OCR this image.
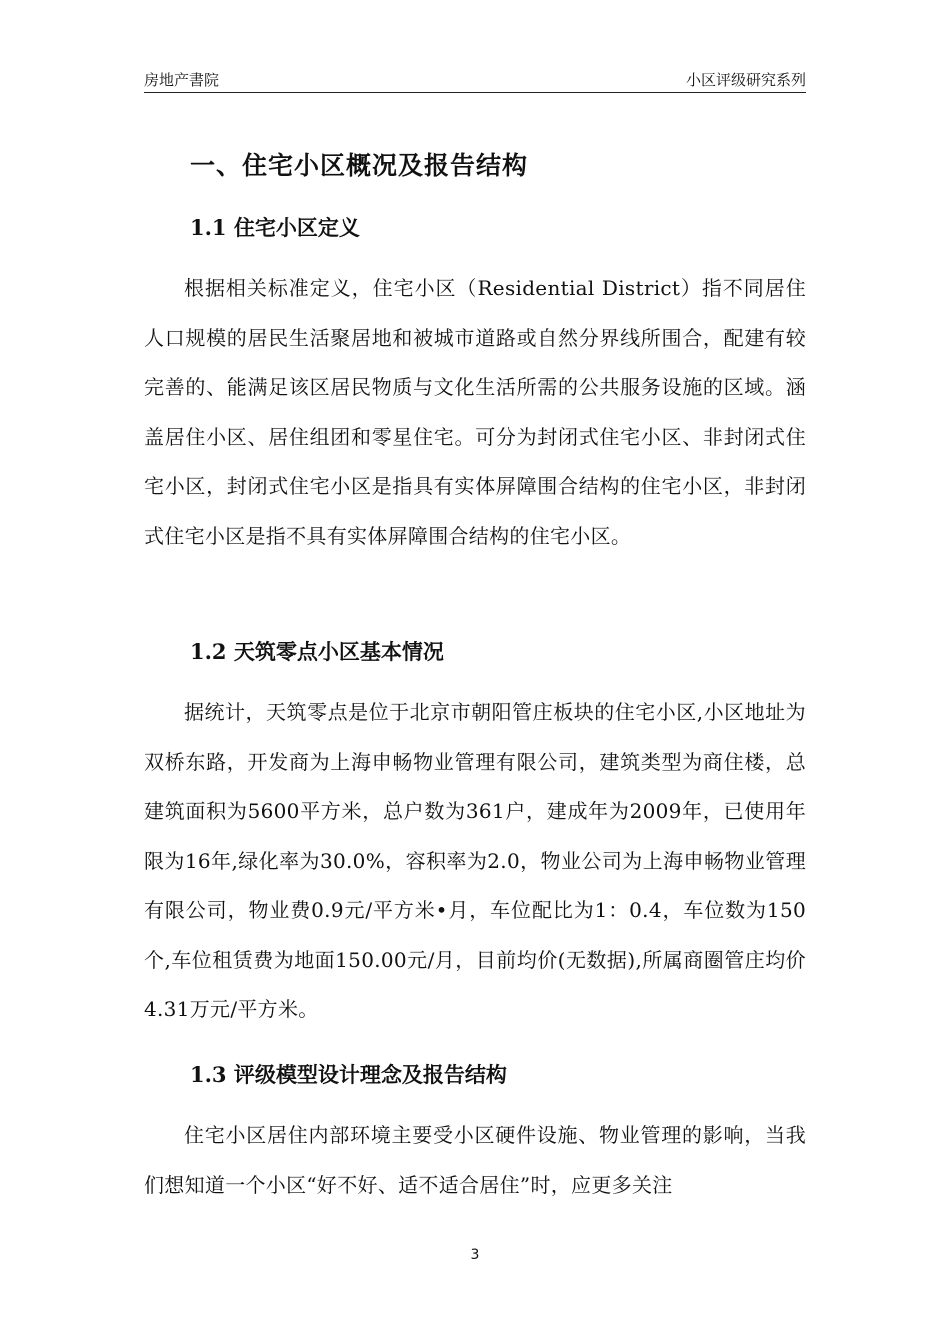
房地产書院	小区评级研究系列
一、住宅小区概况及报告结构
1.1 住宅小区定义
根据相关标准定义，住宅小区（Residential District）指不同居住人口规模的居民生活聚居地和被城市道路或自然分界线所围合，配建有较完善的、能满足该区居民物质与文化生活所需的公共服务设施的区域。涵盖居住小区、居住组团和零星住宅。可分为封闭式住宅小区、非封闭式住宅小区，封闭式住宅小区是指具有实体屏障围合结构的住宅小区，非封闭式住宅小区是指不具有实体屏障围合结构的住宅小区。
1.2 天筑零点小区基本情况
据统计，天筑零点是位于北京市朝阳管庄板块的住宅小区,小区地址为双桥东路，开发商为上海申畅物业管理有限公司，建筑类型为商住楼，总建筑面积为5600平方米，总户数为361户，建成年为2009年，已使用年限为16年,绿化率为30.0%，容积率为2.0，物业公司为上海申畅物业管理有限公司，物业费0.9元/平方米•月，车位配比为1：0.4，车位数为150个,车位租赁费为地面150.00元/月，目前均价(无数据),所属商圈管庄均价4.31万元/平方米。
1.3 评级模型设计理念及报告结构
住宅小区居住内部环境主要受小区硬件设施、物业管理的影响，当我们想知道一个小区“好不好、适不适合居住”时，应更多关注
3
